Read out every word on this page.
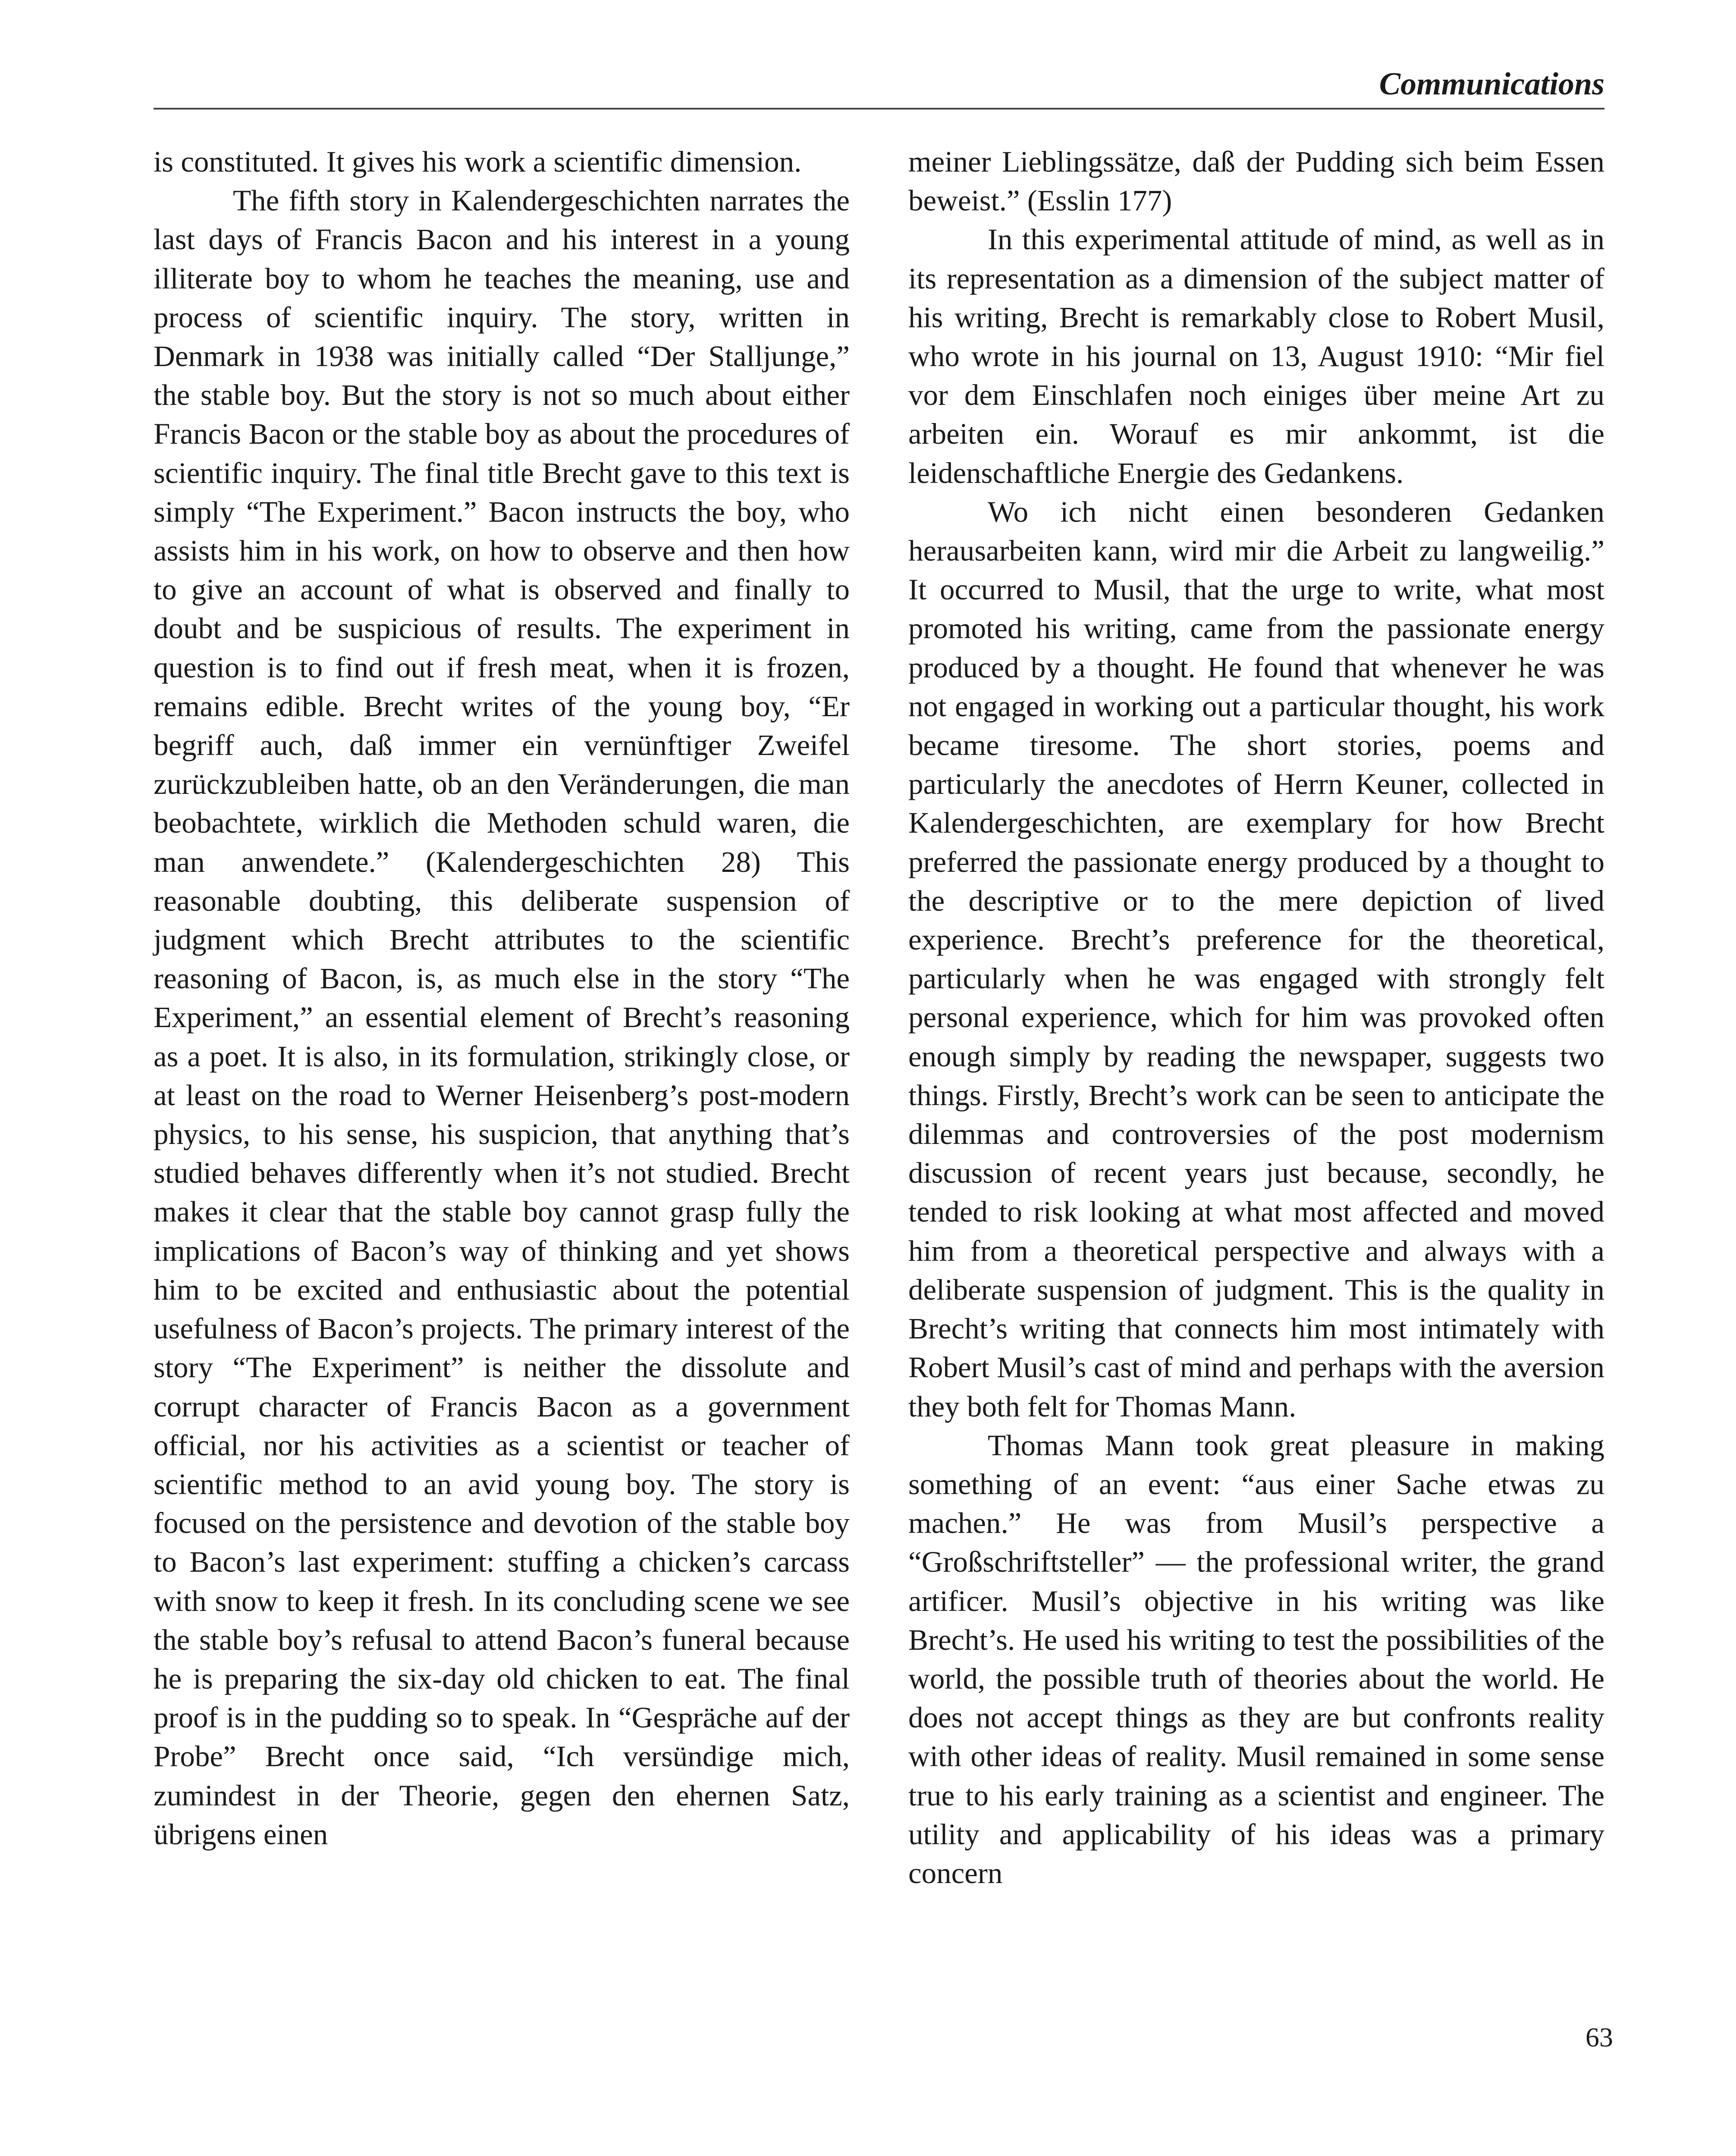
Communications

is constituted. It gives his work a scientific dimension.

The fifth story in Kalendergeschichten narrates the last days of Francis Bacon and his interest in a young illiterate boy to whom he teaches the meaning, use and process of scientific inquiry. The story, written in Denmark in 1938 was initially called “Der Stalljunge,” the stable boy. But the story is not so much about either Francis Bacon or the stable boy as about the procedures of scientific inquiry. The final title Brecht gave to this text is simply “The Experiment.” Bacon instructs the boy, who assists him in his work, on how to observe and then how to give an account of what is observed and finally to doubt and be suspicious of results. The experiment in question is to find out if fresh meat, when it is frozen, remains edible. Brecht writes of the young boy, “Er begriff auch, daß immer ein vernünftiger Zweifel zurückzubleiben hatte, ob an den Veränderungen, die man beobachtete, wirklich die Methoden schuld waren, die man anwendete.” (Kalendergeschichten 28) This reasonable doubting, this deliberate suspension of judgment which Brecht attributes to the scientific reasoning of Bacon, is, as much else in the story “The Experiment,” an essential element of Brecht’s reasoning as a poet. It is also, in its formulation, strikingly close, or at least on the road to Werner Heisenberg’s post-modern physics, to his sense, his suspicion, that anything that’s studied behaves differently when it’s not studied. Brecht makes it clear that the stable boy cannot grasp fully the implications of Bacon’s way of thinking and yet shows him to be excited and enthusiastic about the potential usefulness of Bacon’s projects. The primary interest of the story “The Experiment” is neither the dissolute and corrupt character of Francis Bacon as a government official, nor his activities as a scientist or teacher of scientific method to an avid young boy. The story is focused on the persistence and devotion of the stable boy to Bacon’s last experiment: stuffing a chicken’s carcass with snow to keep it fresh. In its concluding scene we see the stable boy’s refusal to attend Bacon’s funeral because he is preparing the six-day old chicken to eat. The final proof is in the pudding so to speak. In “Gespräche auf der Probe” Brecht once said, “Ich versündige mich, zumindest in der Theorie, gegen den ehernen Satz, übrigens einen

meiner Lieblingssätze, daß der Pudding sich beim Essen beweist.” (Esslin 177)

In this experimental attitude of mind, as well as in its representation as a dimension of the subject matter of his writing, Brecht is remarkably close to Robert Musil, who wrote in his journal on 13, August 1910: “Mir fiel vor dem Einschlafen noch einiges über meine Art zu arbeiten ein. Worauf es mir ankommt, ist die leidenschaftliche Energie des Gedankens.

Wo ich nicht einen besonderen Gedanken herausarbeiten kann, wird mir die Arbeit zu langweilig.” It occurred to Musil, that the urge to write, what most promoted his writing, came from the passionate energy produced by a thought. He found that whenever he was not engaged in working out a particular thought, his work became tiresome. The short stories, poems and particularly the anecdotes of Herrn Keuner, collected in Kalendergeschichten, are exemplary for how Brecht preferred the passionate energy produced by a thought to the descriptive or to the mere depiction of lived experience. Brecht’s preference for the theoretical, particularly when he was engaged with strongly felt personal experience, which for him was provoked often enough simply by reading the newspaper, suggests two things. Firstly, Brecht’s work can be seen to anticipate the dilemmas and controversies of the post modernism discussion of recent years just because, secondly, he tended to risk looking at what most affected and moved him from a theoretical perspective and always with a deliberate suspension of judgment. This is the quality in Brecht’s writing that connects him most intimately with Robert Musil’s cast of mind and perhaps with the aversion they both felt for Thomas Mann.

Thomas Mann took great pleasure in making something of an event: “aus einer Sache etwas zu machen.” He was from Musil’s perspective a “Großschriftsteller” — the professional writer, the grand artificer. Musil’s objective in his writing was like Brecht’s. He used his writing to test the possibilities of the world, the possible truth of theories about the world. He does not accept things as they are but confronts reality with other ideas of reality. Musil remained in some sense true to his early training as a scientist and engineer. The utility and applicability of his ideas was a primary concern

63
